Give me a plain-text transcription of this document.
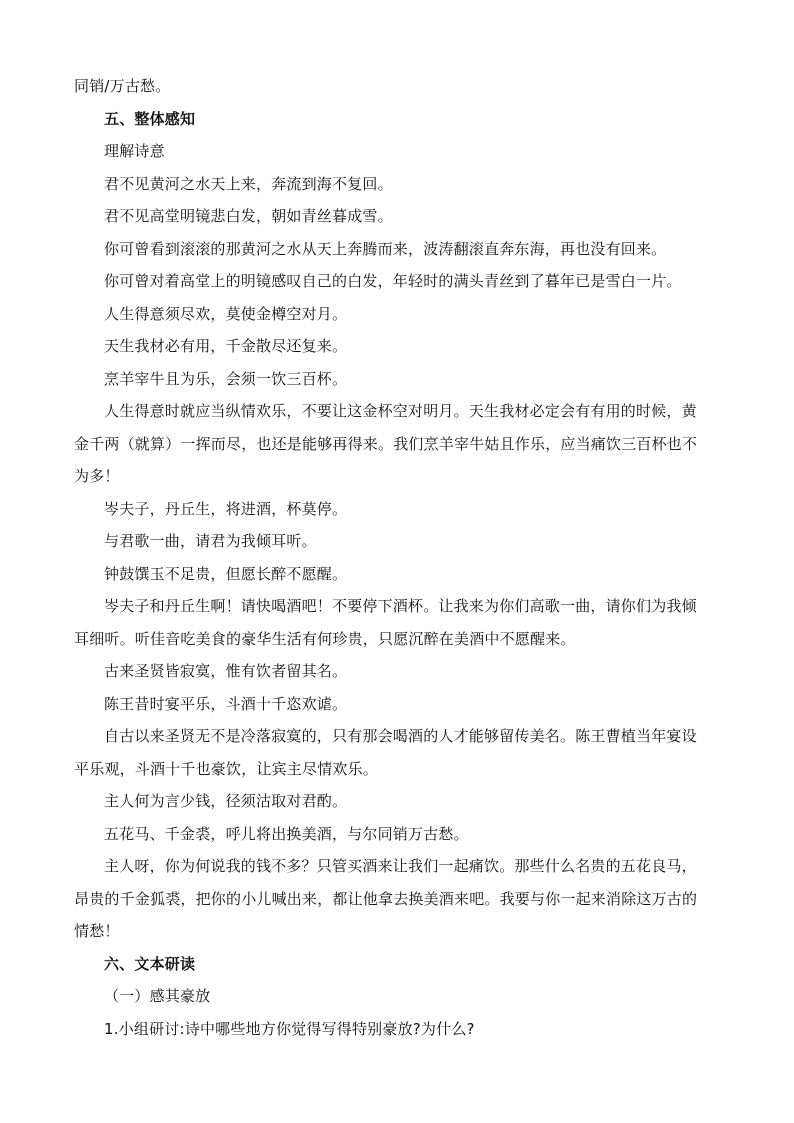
同销/万古愁。
五、整体感知
理解诗意
君不见黄河之水天上来，奔流到海不复回。
君不见高堂明镜悲白发，朝如青丝暮成雪。
你可曾看到滚滚的那黄河之水从天上奔腾而来，波涛翻滚直奔东海，再也没有回来。
你可曾对着高堂上的明镜感叹自己的白发，年轻时的满头青丝到了暮年已是雪白一片。
人生得意须尽欢，莫使金樽空对月。
天生我材必有用，千金散尽还复来。
烹羊宰牛且为乐，会须一饮三百杯。
人生得意时就应当纵情欢乐，不要让这金杯空对明月。天生我材必定会有有用的时候，黄
金千两（就算）一挥而尽，也还是能够再得来。我们烹羊宰牛姑且作乐，应当痛饮三百杯也不
为多！
岑夫子，丹丘生，将进酒，杯莫停。
与君歌一曲，请君为我倾耳听。
钟鼓馔玉不足贵，但愿长醉不愿醒。
岑夫子和丹丘生啊！请快喝酒吧！不要停下酒杯。让我来为你们高歌一曲，请你们为我倾
耳细听。听佳音吃美食的豪华生活有何珍贵，只愿沉醉在美酒中不愿醒来。
古来圣贤皆寂寞，惟有饮者留其名。
陈王昔时宴平乐，斗酒十千恣欢谑。
自古以来圣贤无不是冷落寂寞的，只有那会喝酒的人才能够留传美名。陈王曹植当年宴设
平乐观，斗酒十千也豪饮，让宾主尽情欢乐。
主人何为言少钱，径须沽取对君酌。
五花马、千金裘，呼儿将出换美酒，与尔同销万古愁。
主人呀，你为何说我的钱不多？只管买酒来让我们一起痛饮。那些什么名贵的五花良马，
昂贵的千金狐裘，把你的小儿喊出来，都让他拿去换美酒来吧。我要与你一起来消除这万古的
情愁！
六、文本研读
（一）感其豪放
1.小组研讨:诗中哪些地方你觉得写得特别豪放?为什么?
